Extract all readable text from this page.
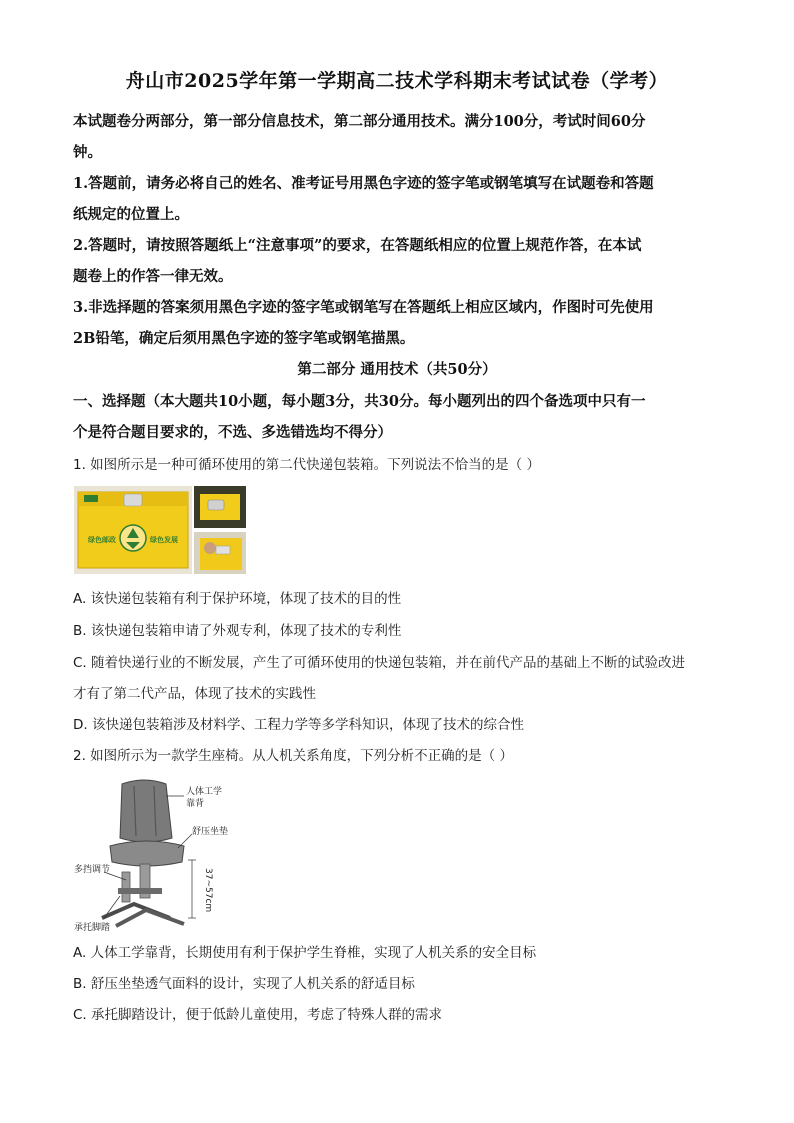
舟山市2025学年第一学期高二技术学科期末考试试卷（学考）
本试题卷分两部分，第一部分信息技术，第二部分通用技术。满分100分，考试时间60分
钟。
1.答题前，请务必将自己的姓名、准考证号用黑色字迹的签字笔或钢笔填写在试题卷和答题
纸规定的位置上。
2.答题时，请按照答题纸上“注意事项”的要求，在答题纸相应的位置上规范作答，在本试
题卷上的作答一律无效。
3.非选择题的答案须用黑色字迹的签字笔或钢笔写在答题纸上相应区域内，作图时可先使用
2B铅笔，确定后须用黑色字迹的签字笔或钢笔描黑。
第二部分 通用技术（共50分）
一、选择题（本大题共10小题，每小题3分，共30分。每小题列出的四个备选项中只有一
个是符合题目要求的，不选、多选错选均不得分）
1. 如图所示是一种可循环使用的第二代快递包装箱。下列说法不恰当的是（ ）
绿色邮政	绿色发展
A. 该快递包装箱有利于保护环境，体现了技术的目的性
B. 该快递包装箱申请了外观专利，体现了技术的专利性
C. 随着快递行业的不断发展，产生了可循环使用的快递包装箱，并在前代产品的基础上不断的试验改进
才有了第二代产品，体现了技术的实践性
D. 该快递包装箱涉及材料学、工程力学等多学科知识，体现了技术的综合性
2. 如图所示为一款学生座椅。从人机关系角度，下列分析不正确的是（ ）
人体工学
靠背
舒压坐垫
多挡调节	37~57cm
承托脚踏
A. 人体工学靠背，长期使用有利于保护学生脊椎，实现了人机关系的安全目标
B. 舒压坐垫透气面料的设计，实现了人机关系的舒适目标
C. 承托脚踏设计，便于低龄儿童使用，考虑了特殊人群的需求
